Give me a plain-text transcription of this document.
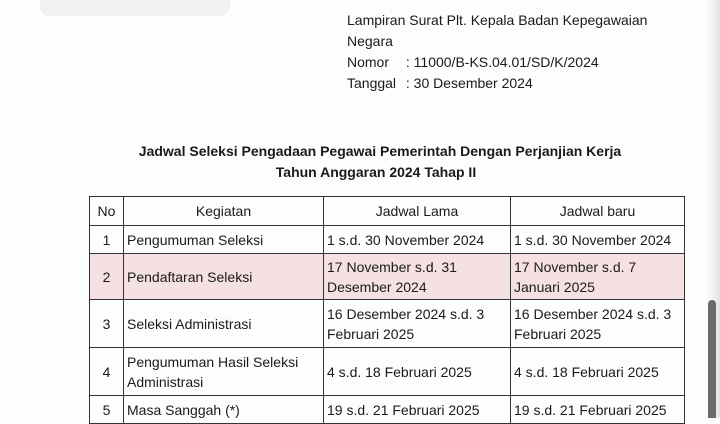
Lampiran Surat Plt. Kepala Badan Kepegawaian
Negara
Nomor : 11000/B-KS.04.01/SD/K/2024
Tanggal : 30 Desember 2024
Jadwal Seleksi Pengadaan Pegawai Pemerintah Dengan Perjanjian Kerja
Tahun Anggaran 2024 Tahap II
No	Kegiatan	Jadwal Lama	Jadwal baru
1	Pengumuman Seleksi	1 s.d. 30 November 2024	1 s.d. 30 November 2024
2	Pendaftaran Seleksi	17 November s.d. 31 Desember 2024	17 November s.d. 7 Januari 2025
3	Seleksi Administrasi	16 Desember 2024 s.d. 3 Februari 2025	16 Desember 2024 s.d. 3 Februari 2025
4	Pengumuman Hasil Seleksi Administrasi	4 s.d. 18 Februari 2025	4 s.d. 18 Februari 2025
5	Masa Sanggah (*)	19 s.d. 21 Februari 2025	19 s.d. 21 Februari 2025
